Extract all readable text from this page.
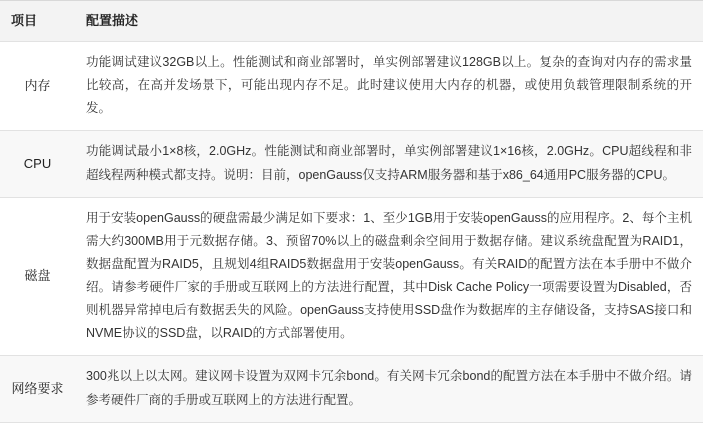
项目	配置描述
内存	功能调试建议32GB以上。性能测试和商业部署时，单实例部署建议128GB以上。复杂的查询对内存的需求量比较高，在高并发场景下，可能出现内存不足。此时建议使用大内存的机器，或使用负载管理限制系统的开发。
CPU	功能调试最小1×8核，2.0GHz。性能测试和商业部署时，单实例部署建议1×16核，2.0GHz。CPU超线程和非超线程两种模式都支持。说明：目前，openGauss仅支持ARM服务器和基于x86_64通用PC服务器的CPU。
磁盘	用于安装openGauss的硬盘需最少满足如下要求：1、至少1GB用于安装openGauss的应用程序。2、每个主机需大约300MB用于元数据存储。3、预留70%以上的磁盘剩余空间用于数据存储。建议系统盘配置为RAID1，数据盘配置为RAID5，且规划4组RAID5数据盘用于安装openGauss。有关RAID的配置方法在本手册中不做介绍。请参考硬件厂家的手册或互联网上的方法进行配置，其中Disk Cache Policy一项需要设置为Disabled，否则机器异常掉电后有数据丢失的风险。openGauss支持使用SSD盘作为数据库的主存储设备，支持SAS接口和NVME协议的SSD盘，以RAID的方式部署使用。
网络要求	300兆以上以太网。建议网卡设置为双网卡冗余bond。有关网卡冗余bond的配置方法在本手册中不做介绍。请参考硬件厂商的手册或互联网上的方法进行配置。
